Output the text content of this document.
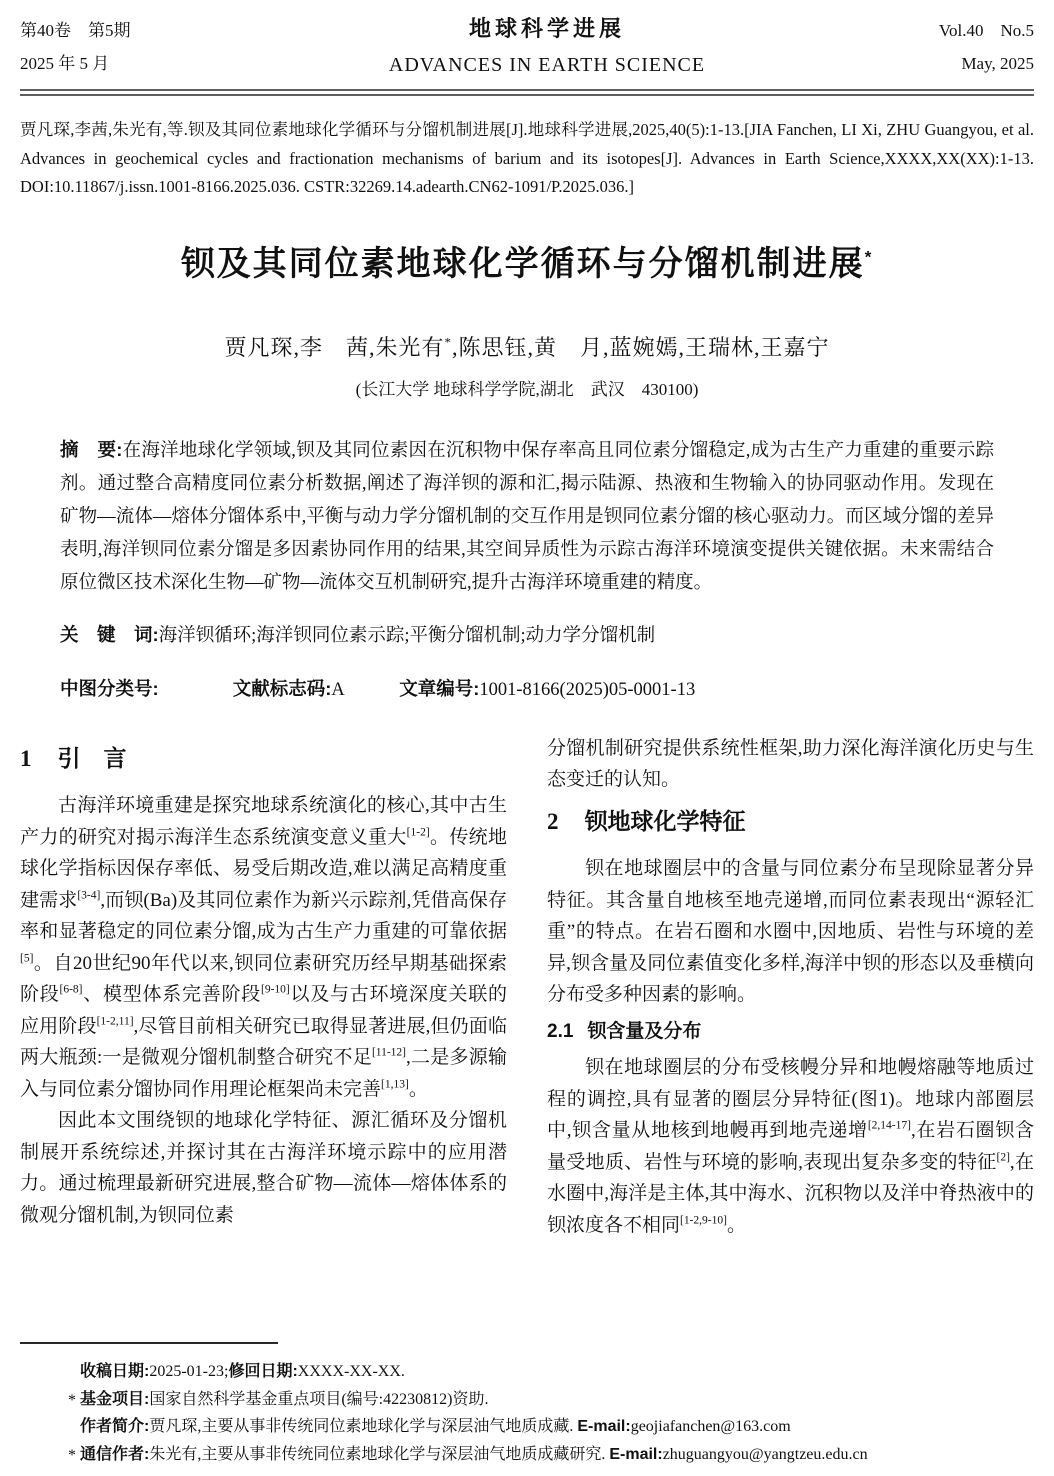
第40卷　第5期
2025 年 5 月
地球科学进展
ADVANCES IN EARTH SCIENCE
Vol.40　No.5
May, 2025

贾凡琛,李茜,朱光有,等.钡及其同位素地球化学循环与分馏机制进展[J].地球科学进展,2025,40(5):1-13.[JIA Fanchen, LI Xi, ZHU Guangyou, et al. Advances in geochemical cycles and fractionation mechanisms of barium and its isotopes[J]. Advances in Earth Science,XXXX,XX(XX):1-13. DOI:10.11867/j.issn.1001-8166.2025.036. CSTR:32269.14.adearth.CN62-1091/P.2025.036.]

钡及其同位素地球化学循环与分馏机制进展*
贾凡琛,李　茜,朱光有*,陈思钰,黄　月,蓝婉嫣,王瑞林,王嘉宁
(长江大学 地球科学学院,湖北　武汉　430100)

摘　要:在海洋地球化学领域,钡及其同位素因在沉积物中保存率高且同位素分馏稳定,成为古生产力重建的重要示踪剂。通过整合高精度同位素分析数据,阐述了海洋钡的源和汇,揭示陆源、热液和生物输入的协同驱动作用。发现在矿物—流体—熔体分馏体系中,平衡与动力学分馏机制的交互作用是钡同位素分馏的核心驱动力。而区域分馏的差异表明,海洋钡同位素分馏是多因素协同作用的结果,其空间异质性为示踪古海洋环境演变提供关键依据。未来需结合原位微区技术深化生物—矿物—流体交互机制研究,提升古海洋环境重建的精度。

关　键　词:海洋钡循环;海洋钡同位素示踪;平衡分馏机制;动力学分馏机制

中图分类号:　　　　	文献标志码:A　　　	文章编号:1001-8166(2025)05-0001-13

1 引　言

古海洋环境重建是探究地球系统演化的核心,其中古生产力的研究对揭示海洋生态系统演变意义重大[1-2]。传统地球化学指标因保存率低、易受后期改造,难以满足高精度重建需求[3-4],而钡(Ba)及其同位素作为新兴示踪剂,凭借高保存率和显著稳定的同位素分馏,成为古生产力重建的可靠依据[5]。自20世纪90年代以来,钡同位素研究历经早期基础探索阶段[6-8]、模型体系完善阶段[9-10]以及与古环境深度关联的应用阶段[1-2,11],尽管目前相关研究已取得显著进展,但仍面临两大瓶颈:一是微观分馏机制整合研究不足[11-12],二是多源输入与同位素分馏协同作用理论框架尚未完善[1,13]。

因此本文围绕钡的地球化学特征、源汇循环及分馏机制展开系统综述,并探讨其在古海洋环境示踪中的应用潜力。通过梳理最新研究进展,整合矿物—流体—熔体体系的微观分馏机制,为钡同位素

分馏机制研究提供系统性框架,助力深化海洋演化历史与生态变迁的认知。

2 钡地球化学特征

钡在地球圈层中的含量与同位素分布呈现除显著分异特征。其含量自地核至地壳递增,而同位素表现出“源轻汇重”的特点。在岩石圈和水圈中,因地质、岩性与环境的差异,钡含量及同位素值变化多样,海洋中钡的形态以及垂横向分布受多种因素的影响。

2.1 钡含量及分布

钡在地球圈层的分布受核幔分异和地幔熔融等地质过程的调控,具有显著的圈层分异特征(图1)。地球内部圈层中,钡含量从地核到地幔再到地壳递增[2,14-17],在岩石圈钡含量受地质、岩性与环境的影响,表现出复杂多变的特征[2],在水圈中,海洋是主体,其中海水、沉积物以及洋中脊热液中的钡浓度各不相同[1-2,9-10]。

收稿日期:2025-01-23;修回日期:XXXX-XX-XX.
* 基金项目:国家自然科学基金重点项目(编号:42230812)资助.
作者简介:贾凡琛,主要从事非传统同位素地球化学与深层油气地质成藏. E-mail:geojiafanchen@163.com
* 通信作者:朱光有,主要从事非传统同位素地球化学与深层油气地质成藏研究. E-mail:zhuguangyou@yangtzeu.edu.cn
